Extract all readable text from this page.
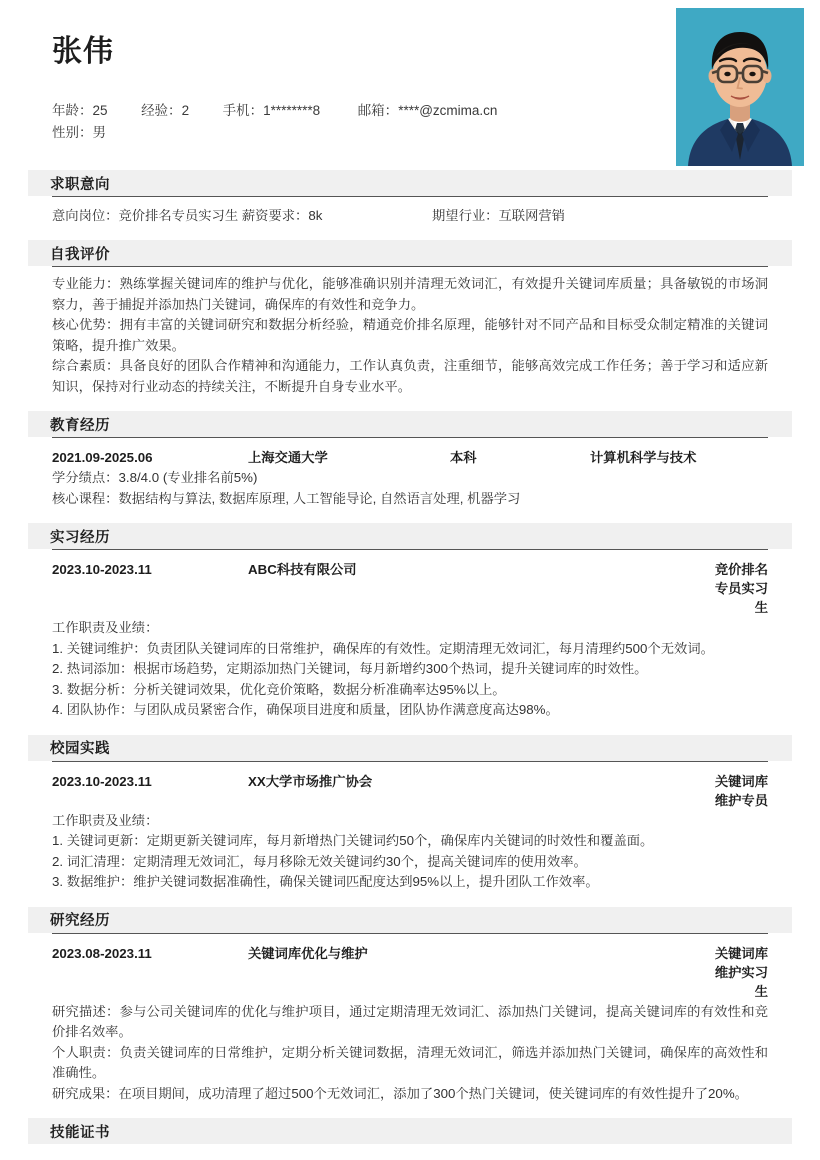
张伟
年龄：25 经验：2 手机：1********8	邮箱：****@zcmima.cn
性别：男
求职意向
意向岗位：竞价排名专员实习生 薪资要求：8k	期望行业：互联网营销
自我评价

专业能力：熟练掌握关键词库的维护与优化，能够准确识别并清理无效词汇，有效提升关键词库质量；具备敏锐的市场洞察力，善于捕捉并添加热门关键词，确保库的有效性和竞争力。

核心优势：拥有丰富的关键词研究和数据分析经验，精通竞价排名原理，能够针对不同产品和目标受众制定精准的关键词策略，提升推广效果。

综合素质：具备良好的团队合作精神和沟通能力，工作认真负责，注重细节，能够高效完成工作任务；善于学习和适应新知识，保持对行业动态的持续关注，不断提升自身专业水平。

教育经历
2021.09-2025.06	上海交通大学	本科	计算机科学与技术
学分绩点：3.8/4.0 (专业排名前5%)
核心课程：数据结构与算法, 数据库原理, 人工智能导论, 自然语言处理, 机器学习
实习经历
2023.10-2023.11	ABC科技有限公司	竞价排名专员实习生
工作职责及业绩：
1. 关键词维护：负责团队关键词库的日常维护，确保库的有效性。定期清理无效词汇，每月清理约500个无效词。
2. 热词添加：根据市场趋势，定期添加热门关键词，每月新增约300个热词，提升关键词库的时效性。
3. 数据分析：分析关键词效果，优化竞价策略，数据分析准确率达95%以上。
4. 团队协作：与团队成员紧密合作，确保项目进度和质量，团队协作满意度高达98%。
校园实践
2023.10-2023.11	XX大学市场推广协会	关键词库维护专员
工作职责及业绩：
1. 关键词更新：定期更新关键词库，每月新增热门关键词约50个，确保库内关键词的时效性和覆盖面。
2. 词汇清理：定期清理无效词汇，每月移除无效关键词约30个，提高关键词库的使用效率。
3. 数据维护：维护关键词数据准确性，确保关键词匹配度达到95%以上，提升团队工作效率。
研究经历
2023.08-2023.11	关键词库优化与维护	关键词库维护实习生

研究描述：参与公司关键词库的优化与维护项目，通过定期清理无效词汇、添加热门关键词，提高关键词库的有效性和竞价排名效率。

个人职责：负责关键词库的日常维护，定期分析关键词数据，清理无效词汇，筛选并添加热门关键词，确保库的高效性和准确性。

研究成果：在项目期间，成功清理了超过500个无效词汇，添加了300个热门关键词，使关键词库的有效性提升了20%。

技能证书
